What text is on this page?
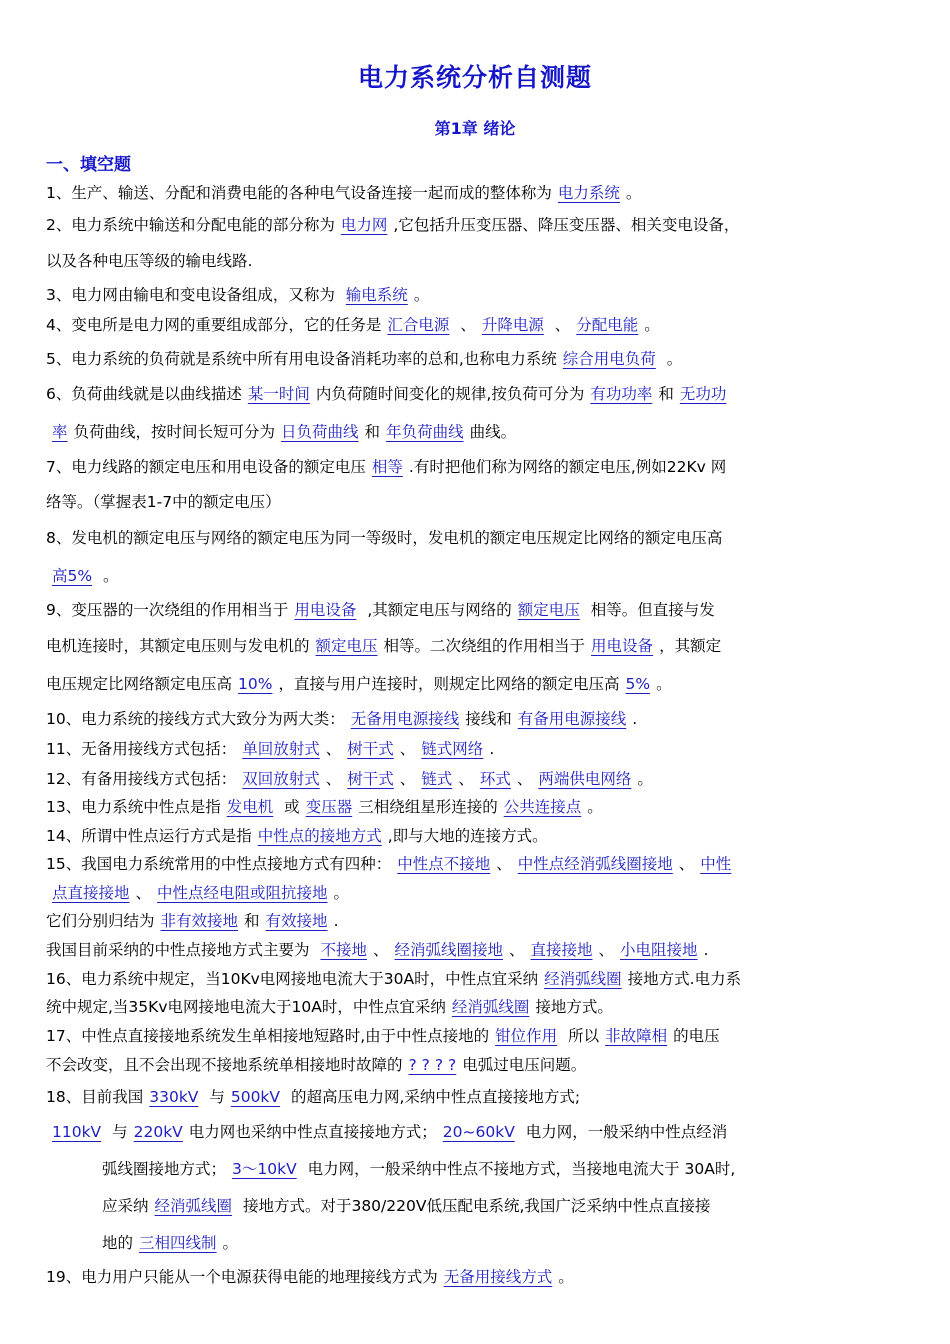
电力系统分析自测题
第1章 绪论
一、填空题
1、生产、输送、分配和消费电能的各种电气设备连接一起而成的整体称为 电力系统 。
2、电力系统中输送和分配电能的部分称为 电力网 ,它包括升压变压器、降压变压器、相关变电设备，
以及各种电压等级的输电线路.
3、电力网由输电和变电设备组成，又称为 输电系统 。
4、变电所是电力网的重要组成部分，它的任务是 汇合电源 、 升降电源 、 分配电能 。
5、电力系统的负荷就是系统中所有用电设备消耗功率的总和,也称电力系统 综合用电负荷 。
6、负荷曲线就是以曲线描述 某一时间 内负荷随时间变化的规律,按负荷可分为 有功功率 和 无功功
率 负荷曲线，按时间长短可分为 日负荷曲线 和 年负荷曲线 曲线。
7、电力线路的额定电压和用电设备的额定电压 相等 .有时把他们称为网络的额定电压,例如22Kv 网
络等。（掌握表1-7中的额定电压）
8、发电机的额定电压与网络的额定电压为同一等级时，发电机的额定电压规定比网络的额定电压高
高5% 。
9、变压器的一次绕组的作用相当于 用电设备 ,其额定电压与网络的 额定电压 相等。但直接与发
电机连接时，其额定电压则与发电机的 额定电压 相等。二次绕组的作用相当于 用电设备 ，其额定
电压规定比网络额定电压高 10% ，直接与用户连接时，则规定比网络的额定电压高 5% 。
10、电力系统的接线方式大致分为两大类： 无备用电源接线 接线和 有备用电源接线 .
11、无备用接线方式包括： 单回放射式 、 树干式 、 链式网络 .
12、有备用接线方式包括： 双回放射式 、 树干式 、 链式 、 环式 、 两端供电网络 。
13、电力系统中性点是指 发电机 或 变压器 三相绕组星形连接的 公共连接点 。
14、所谓中性点运行方式是指 中性点的接地方式 ,即与大地的连接方式。
15、我国电力系统常用的中性点接地方式有四种： 中性点不接地 、 中性点经消弧线圈接地 、 中性
点直接接地 、 中性点经电阻或阻抗接地 。
它们分别归结为 非有效接地 和 有效接地 .
我国目前采纳的中性点接地方式主要为 不接地 、 经消弧线圈接地 、 直接接地 、 小电阻接地 .
16、电力系统中规定，当10Kv电网接地电流大于30A时，中性点宜采纳 经消弧线圈 接地方式.电力系
统中规定,当35Kv电网接地电流大于10A时，中性点宜采纳 经消弧线圈 接地方式。
17、中性点直接接地系统发生单相接地短路时,由于中性点接地的 钳位作用 所以 非故障相 的电压
不会改变，且不会出现不接地系统单相接地时故障的 ? ? ? ? 电弧过电压问题。
18、目前我国 330kV 与 500kV 的超高压电力网,采纳中性点直接接地方式;
110kV 与 220kV 电力网也采纳中性点直接接地方式； 20~60kV 电力网，一般采纳中性点经消
弧线圈接地方式； 3～10kV 电力网，一般采纳中性点不接地方式，当接地电流大于 30A时,
应采纳 经消弧线圈 接地方式。对于380/220V低压配电系统,我国广泛采纳中性点直接接
地的 三相四线制 。
19、电力用户只能从一个电源获得电能的地理接线方式为 无备用接线方式 。
